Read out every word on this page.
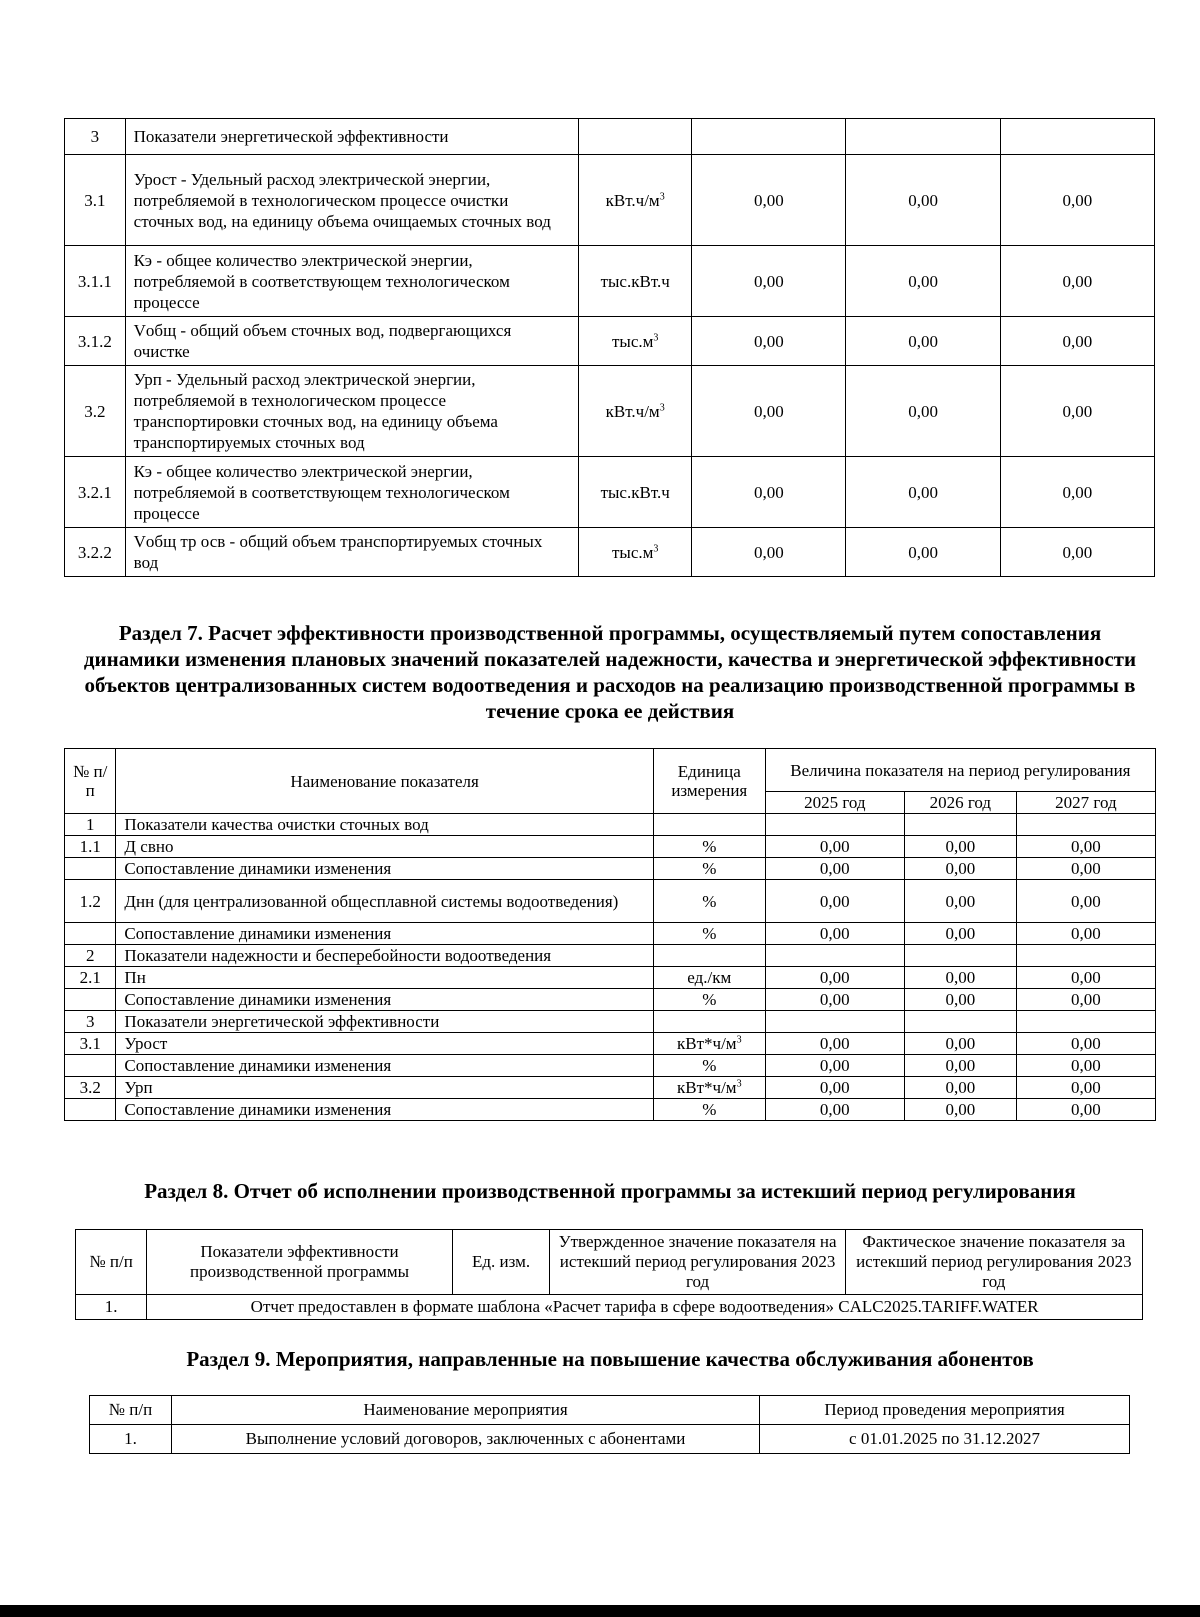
3	Показатели энергетической эффективности				
3.1	Урост - Удельный расход электрической энергии, потребляемой в технологическом процессе очистки сточных вод, на единицу объема очищаемых сточных вод	$кВт.ч/м^3$	0,00	0,00	0,00
3.1.1	Кэ - общее количество электрической энергии, потребляемой в соответствующем технологическом процессе	тыс.кВт.ч	0,00	0,00	0,00
3.1.2	Vобщ - общий объем сточных вод, подвергающихся очистке	$тыс.м^3$	0,00	0,00	0,00
3.2	Урп - Удельный расход электрической энергии, потребляемой в технологическом процессе транспортировки сточных вод, на единицу объема транспортируемых сточных вод	$кВт.ч/м^3$	0,00	0,00	0,00
3.2.1	Кэ - общее количество электрической энергии, потребляемой в соответствующем технологическом процессе	тыс.кВт.ч	0,00	0,00	0,00
3.2.2	Vобщ тр осв - общий объем транспортируемых сточных вод	$тыс.м^3$	0,00	0,00	0,00
Раздел 7. Расчет эффективности производственной программы, осуществляемый путем сопоставления динамики изменения плановых значений показателей надежности, качества и энергетической эффективности объектов централизованных систем водоотведения и расходов на реализацию производственной программы в течение срока ее действия
№ п/п	Наименование показателя	Единица измерения	Величина показателя на период регулирования		
			2025 год	2026 год	2027 год
1	Показатели качества очистки сточных вод				
1.1	Д свно	%	0,00	0,00	0,00
	Сопоставление динамики изменения	%	0,00	0,00	0,00
1.2	Днн (для централизованной общесплавной системы водоотведения)	%	0,00	0,00	0,00
	Сопоставление динамики изменения	%	0,00	0,00	0,00
2	Показатели надежности и бесперебойности водоотведения				
2.1	Пн	ед./км	0,00	0,00	0,00
	Сопоставление динамики изменения	%	0,00	0,00	0,00
3	Показатели энергетической эффективности				
3.1	Урост	$кВт*ч/м^3$	0,00	0,00	0,00
	Сопоставление динамики изменения	%	0,00	0,00	0,00
3.2	Урп	$кВт*ч/м^3$	0,00	0,00	0,00
	Сопоставление динамики изменения	%	0,00	0,00	0,00
Раздел 8. Отчет об исполнении производственной программы за истекший период регулирования
№ п/п	Показатели эффективности производственной программы	Ед. изм.	Утвержденное значение показателя на истекший период регулирования 2023 год	Фактическое значение показателя за истекший период регулирования 2023 год
1.	Отчет предоставлен в формате шаблона «Расчет тарифа в сфере водоотведения» CALC2025.TARIFF.WATER			
Раздел 9. Мероприятия, направленные на повышение качества обслуживания абонентов
№ п/п	Наименование мероприятия	Период проведения мероприятия
1.	Выполнение условий договоров, заключенных с абонентами	с 01.01.2025 по 31.12.2027
